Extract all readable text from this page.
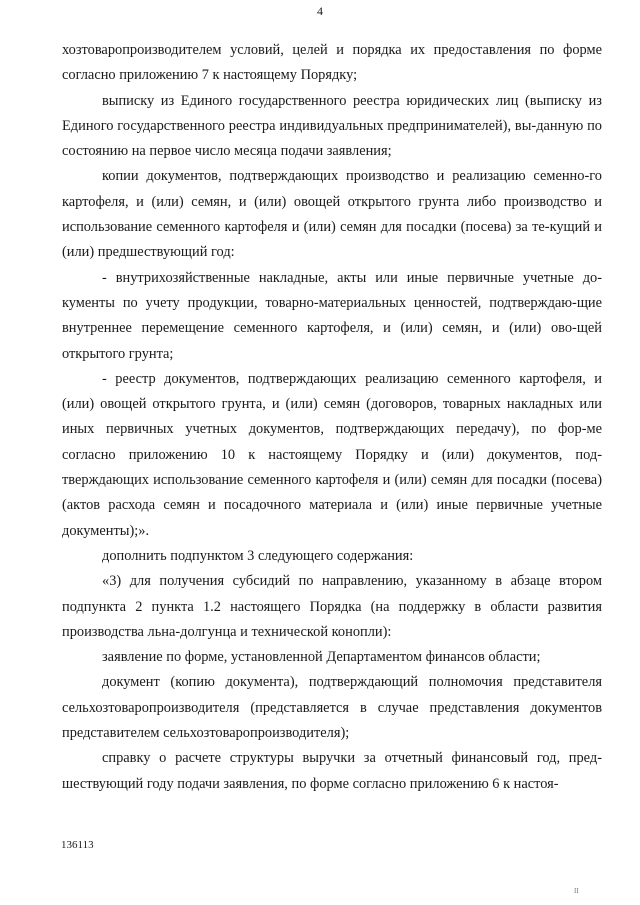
4

хозтоваропроизводителем условий, целей и порядка их предоставления по форме согласно приложению 7 к настоящему Порядку;

выписку из Единого государственного реестра юридических лиц (выписку из Единого государственного реестра индивидуальных предпринимателей), вы-данную по состоянию на первое число месяца подачи заявления;

копии документов, подтверждающих производство и реализацию семенно-го картофеля, и (или) семян, и (или) овощей открытого грунта либо производство и использование семенного картофеля и (или) семян для посадки (посева) за те-кущий и (или) предшествующий год:

- внутрихозяйственные накладные, акты или иные первичные учетные до-кументы по учету продукции, товарно-материальных ценностей, подтверждаю-щие внутреннее перемещение семенного картофеля, и (или) семян, и (или) ово-щей открытого грунта;

- реестр документов, подтверждающих реализацию семенного картофеля, и (или) овощей открытого грунта, и (или) семян (договоров, товарных накладных или иных первичных учетных документов, подтверждающих передачу), по фор-ме согласно приложению 10 к настоящему Порядку и (или) документов, под-тверждающих использование семенного картофеля и (или) семян для посадки (посева) (актов расхода семян и посадочного материала и (или) иные первичные учетные документы);».

дополнить подпунктом 3 следующего содержания:

«3) для получения субсидий по направлению, указанному в абзаце втором подпункта 2 пункта 1.2 настоящего Порядка (на поддержку в области развития производства льна-долгунца и технической конопли):

заявление по форме, установленной Департаментом финансов области;

документ (копию документа), подтверждающий полномочия представителя сельхозтоваропроизводителя (представляется в случае представления документов представителем сельхозтоваропроизводителя);

справку о расчете структуры выручки за отчетный финансовый год, пред-шествующий году подачи заявления, по форме согласно приложению 6 к настоя-

136113
II
